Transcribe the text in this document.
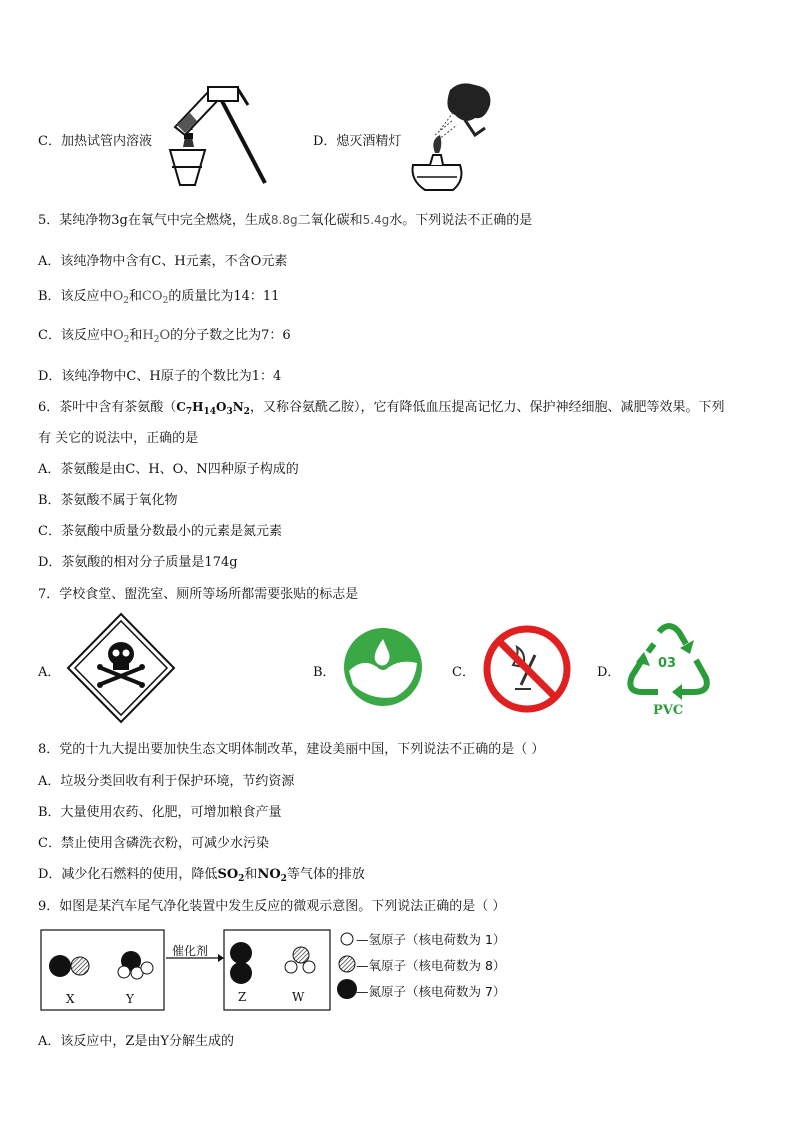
C．加热试管内溶液	D．熄灭酒精灯
5．某纯净物3g在氧气中完全燃烧，生成8.8g二氧化碳和5.4g水。下列说法不正确的是
A．该纯净物中含有C、H元素，不含O元素
B．该反应中$O_2$和$CO_2$的质量比为14：11
C．该反应中$O_2$和$H_2O$的分子数之比为7：6
D．该纯净物中C、H原子的个数比为1：4
6．茶叶中含有茶氨酸（$C_7H_{14}O_3N_2$，又称谷氨酰乙胺），它有降低血压提高记忆力、保护神经细胞、减肥等效果。下列
有 关它的说法中，正确的是
A．茶氨酸是由C、H、O、N四种原子构成的
B．茶氨酸不属于氧化物
C．茶氨酸中质量分数最小的元素是氮元素
D．茶氨酸的相对分子质量是174g
7．学校食堂、盥洗室、厕所等场所都需要张贴的标志是
A．	B．	C．	D．
03
PVC
8．党的十九大提出要加快生态文明体制改革，建设美丽中国，下列说法不正确的是（ ）
A．垃圾分类回收有利于保护环境，节约资源
B．大量使用农药、化肥，可增加粮食产量
C．禁止使用含磷洗衣粉，可减少水污染
D．减少化石燃料的使用，降低$SO_2$和$NO_2$等气体的排放
9．如图是某汽车尾气净化装置中发生反应的微观示意图。下列说法正确的是（ ）
催化剂
X	Y	Z	W
—氢原子（核电荷数为 1）
—氧原子（核电荷数为 8）
—氮原子（核电荷数为 7）
A．该反应中，Z是由Y分解生成的
